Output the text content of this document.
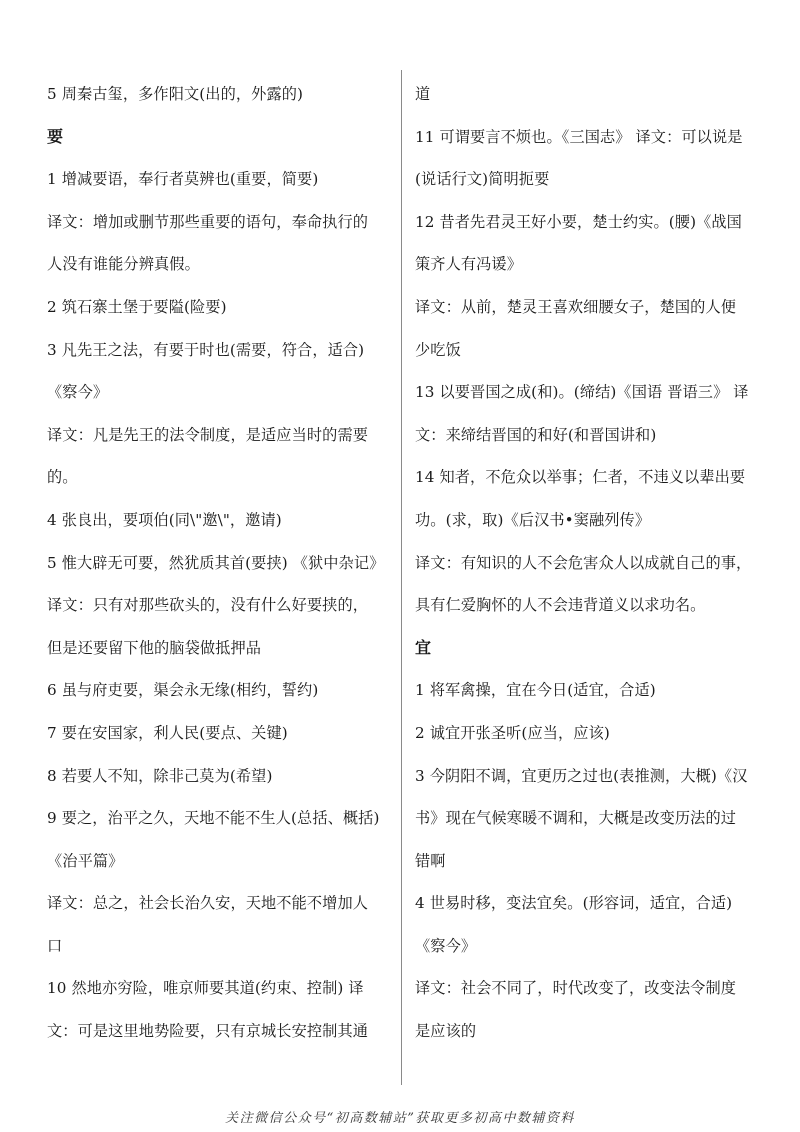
5 周秦古玺，多作阳文(出的，外露的)
要
1 增减要语，奉行者莫辨也(重要，简要)
译文：增加或删节那些重要的语句，奉命执行的
人没有谁能分辨真假。
2 筑石寨土堡于要隘(险要)
3 凡先王之法，有要于时也(需要，符合，适合)
《察今》
译文：凡是先王的法令制度，是适应当时的需要
的。
4 张良出，要项伯(同\"邀\"，邀请)
5 惟大辟无可要，然犹质其首(要挟) 《狱中杂记》
译文：只有对那些砍头的，没有什么好要挟的，
但是还要留下他的脑袋做抵押品
6 虽与府吏要，渠会永无缘(相约，誓约)
7 要在安国家，利人民(要点、关键)
8 若要人不知，除非己莫为(希望)
9 要之，治平之久，天地不能不生人(总括、概括)
《治平篇》
译文：总之，社会长治久安，天地不能不增加人
口
10 然地亦穷险，唯京师要其道(约束、控制) 译
文：可是这里地势险要，只有京城长安控制其通
道
11 可谓要言不烦也。《三国志》 译文：可以说是
(说话行文)简明扼要
12 昔者先君灵王好小要，楚士约实。(腰)《战国
策齐人有冯谖》
译文：从前，楚灵王喜欢细腰女子，楚国的人便
少吃饭
13 以要晋国之成(和)。(缔结)《国语 晋语三》 译
文：来缔结晋国的和好(和晋国讲和)
14 知者，不危众以举事；仁者，不违义以辈出要
功。(求，取)《后汉书•窦融列传》
译文：有知识的人不会危害众人以成就自己的事，
具有仁爱胸怀的人不会违背道义以求功名。
宜
1 将军禽操，宜在今日(适宜，合适)
2 诚宜开张圣听(应当，应该)
3 今阴阳不调，宜更历之过也(表推测，大概)《汉
书》现在气候寒暖不调和，大概是改变历法的过
错啊
4 世易时移，变法宜矣。(形容词，适宜，合适)
《察今》
译文：社会不同了，时代改变了，改变法令制度
是应该的
关注微信公众号“初高数辅站”获取更多初高中数辅资料
